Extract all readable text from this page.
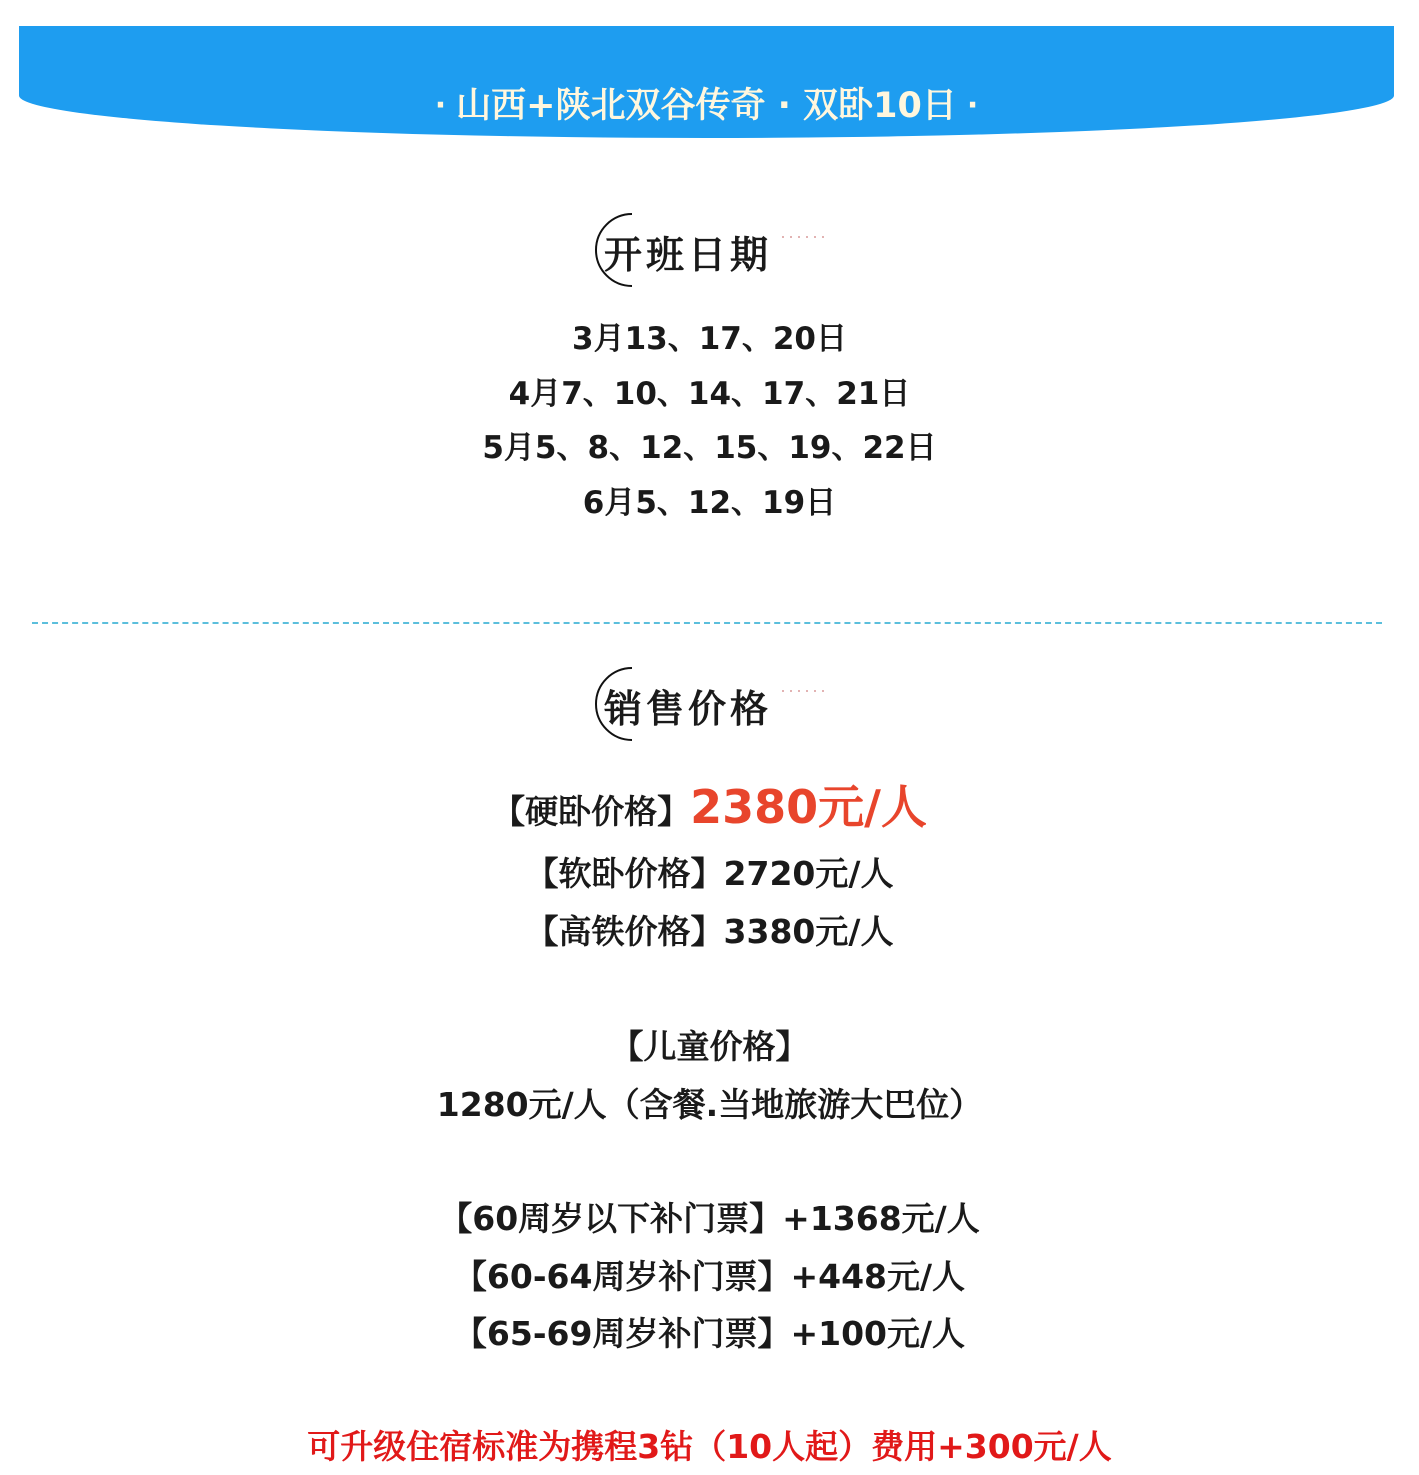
· 山西+陕北双谷传奇 · 双卧10日 ·
开班日期
3月13、17、20日
4月7、10、14、17、21日
5月5、8、12、15、19、22日
6月5、12、19日
销售价格
【硬卧价格】2380元/人
【软卧价格】2720元/人
【高铁价格】3380元/人
【儿童价格】
1280元/人（含餐.当地旅游大巴位）
【60周岁以下补门票】+1368元/人
【60-64周岁补门票】+448元/人
【65-69周岁补门票】+100元/人
可升级住宿标准为携程3钻（10人起）费用+300元/人
